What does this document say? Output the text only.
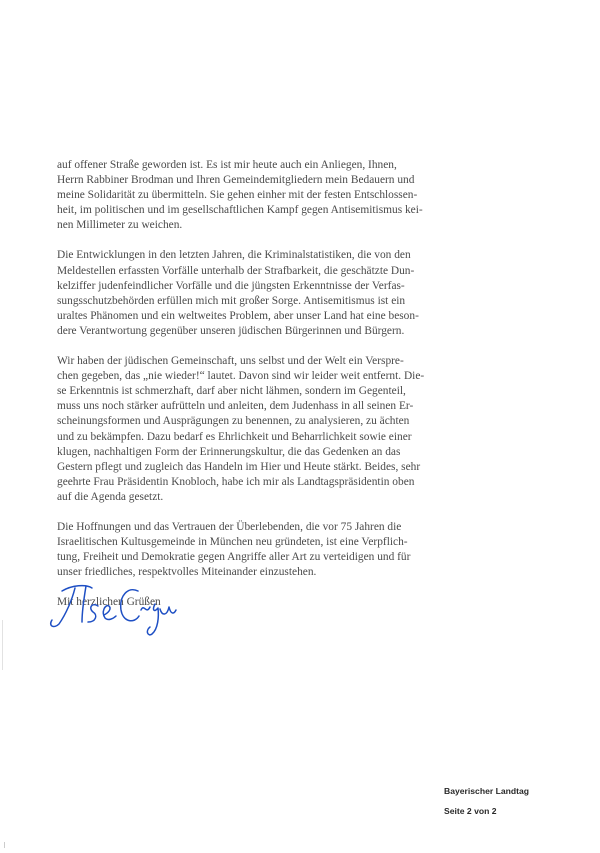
auf offener Straße geworden ist. Es ist mir heute auch ein Anliegen, Ihnen,
Herrn Rabbiner Brodman und Ihren Gemeindemitgliedern mein Bedauern und
meine Solidarität zu übermitteln. Sie gehen einher mit der festen Entschlossen-
heit, im politischen und im gesellschaftlichen Kampf gegen Antisemitismus kei-
nen Millimeter zu weichen.
Die Entwicklungen in den letzten Jahren, die Kriminalstatistiken, die von den
Meldestellen erfassten Vorfälle unterhalb der Strafbarkeit, die geschätzte Dun-
kelziffer judenfeindlicher Vorfälle und die jüngsten Erkenntnisse der Verfas-
sungsschutzbehörden erfüllen mich mit großer Sorge. Antisemitismus ist ein
uraltes Phänomen und ein weltweites Problem, aber unser Land hat eine beson-
dere Verantwortung gegenüber unseren jüdischen Bürgerinnen und Bürgern.
Wir haben der jüdischen Gemeinschaft, uns selbst und der Welt ein Verspre-
chen gegeben, das „nie wieder!“ lautet. Davon sind wir leider weit entfernt. Die-
se Erkenntnis ist schmerzhaft, darf aber nicht lähmen, sondern im Gegenteil,
muss uns noch stärker aufrütteln und anleiten, dem Judenhass in all seinen Er-
scheinungsformen und Ausprägungen zu benennen, zu analysieren, zu ächten
und zu bekämpfen. Dazu bedarf es Ehrlichkeit und Beharrlichkeit sowie einer
klugen, nachhaltigen Form der Erinnerungskultur, die das Gedenken an das
Gestern pflegt und zugleich das Handeln im Hier und Heute stärkt. Beides, sehr
geehrte Frau Präsidentin Knobloch, habe ich mir als Landtagspräsidentin oben
auf die Agenda gesetzt.
Die Hoffnungen und das Vertrauen der Überlebenden, die vor 75 Jahren die
Israelitischen Kultusgemeinde in München neu gründeten, ist eine Verpflich-
tung, Freiheit und Demokratie gegen Angriffe aller Art zu verteidigen und für
unser friedliches, respektvolles Miteinander einzustehen.

Mit herzlichen Grüßen

Bayerischer Landtag
Seite 2 von 2
